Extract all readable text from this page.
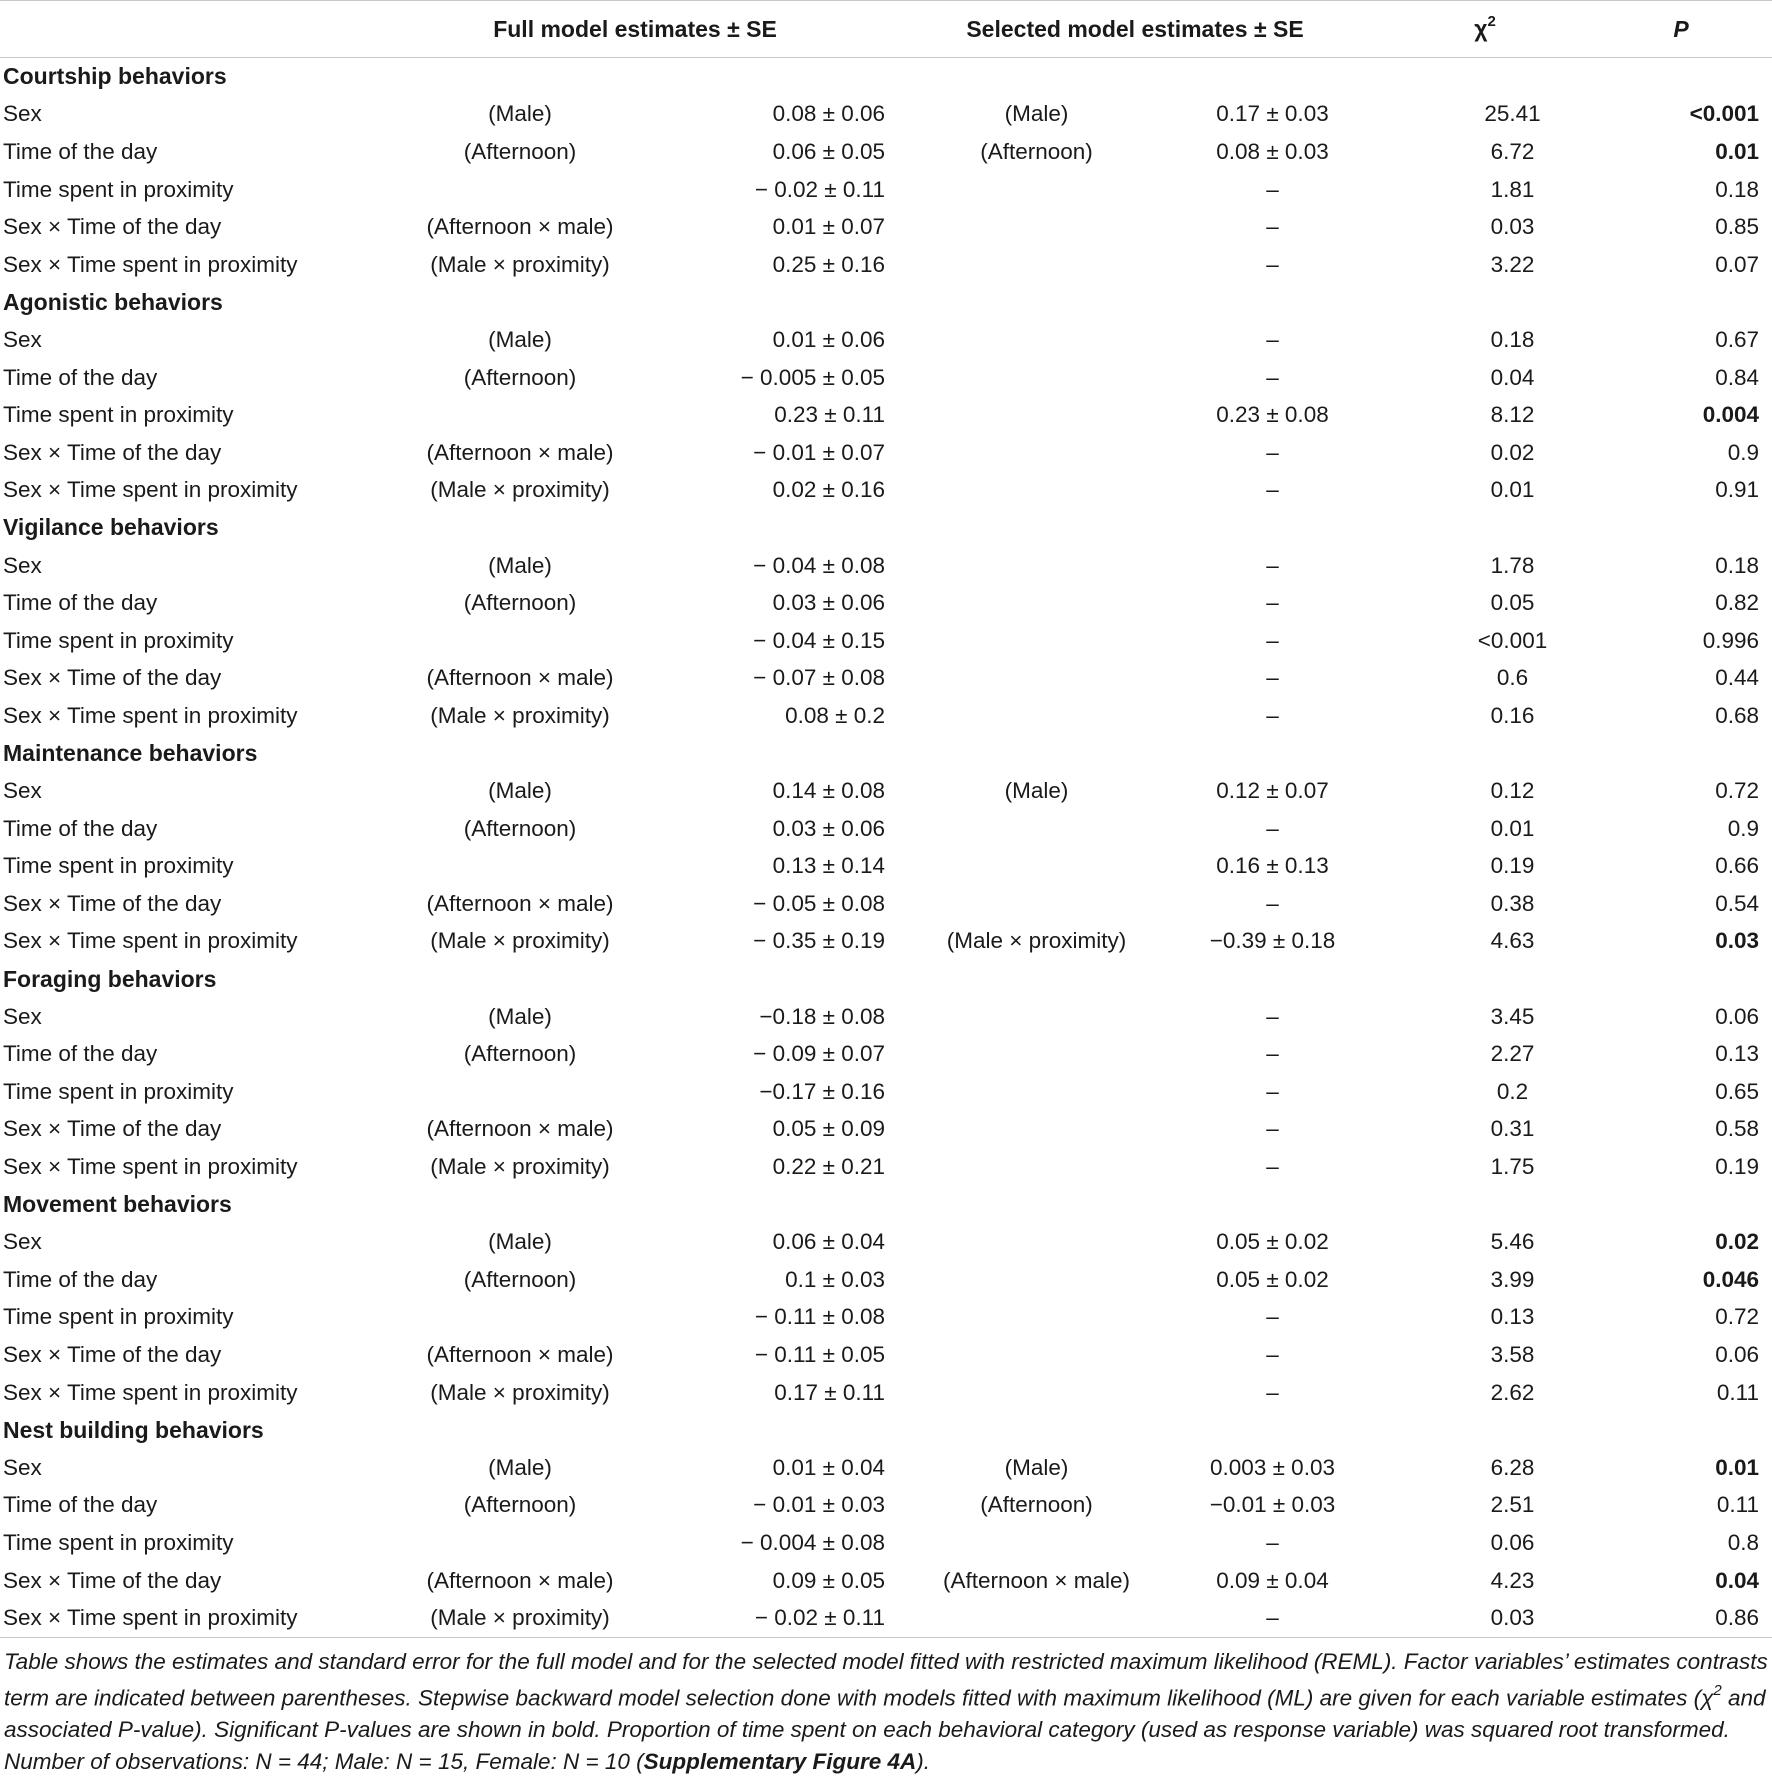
	Full model estimates ± SE		Selected model estimates ± SE		$\chi^2$	P
Courtship behaviors						
Sex	(Male)	0.08 ± 0.06	(Male)	0.17 ± 0.03	25.41	<0.001
Time of the day	(Afternoon)	0.06 ± 0.05	(Afternoon)	0.08 ± 0.03	6.72	0.01
Time spent in proximity		− 0.02 ± 0.11		–	1.81	0.18
Sex × Time of the day	(Afternoon × male)	0.01 ± 0.07		–	0.03	0.85
Sex × Time spent in proximity	(Male × proximity)	0.25 ± 0.16		–	3.22	0.07
Agonistic behaviors						
Sex	(Male)	0.01 ± 0.06		–	0.18	0.67
Time of the day	(Afternoon)	− 0.005 ± 0.05		–	0.04	0.84
Time spent in proximity		0.23 ± 0.11		0.23 ± 0.08	8.12	0.004
Sex × Time of the day	(Afternoon × male)	− 0.01 ± 0.07		–	0.02	0.9
Sex × Time spent in proximity	(Male × proximity)	0.02 ± 0.16		–	0.01	0.91
Vigilance behaviors						
Sex	(Male)	− 0.04 ± 0.08		–	1.78	0.18
Time of the day	(Afternoon)	0.03 ± 0.06		–	0.05	0.82
Time spent in proximity		− 0.04 ± 0.15		–	<0.001	0.996
Sex × Time of the day	(Afternoon × male)	− 0.07 ± 0.08		–	0.6	0.44
Sex × Time spent in proximity	(Male × proximity)	0.08 ± 0.2		–	0.16	0.68
Maintenance behaviors						
Sex	(Male)	0.14 ± 0.08	(Male)	0.12 ± 0.07	0.12	0.72
Time of the day	(Afternoon)	0.03 ± 0.06		–	0.01	0.9
Time spent in proximity		0.13 ± 0.14		0.16 ± 0.13	0.19	0.66
Sex × Time of the day	(Afternoon × male)	− 0.05 ± 0.08		–	0.38	0.54
Sex × Time spent in proximity	(Male × proximity)	− 0.35 ± 0.19	(Male × proximity)	−0.39 ± 0.18	4.63	0.03
Foraging behaviors						
Sex	(Male)	−0.18 ± 0.08		–	3.45	0.06
Time of the day	(Afternoon)	− 0.09 ± 0.07		–	2.27	0.13
Time spent in proximity		−0.17 ± 0.16		–	0.2	0.65
Sex × Time of the day	(Afternoon × male)	0.05 ± 0.09		–	0.31	0.58
Sex × Time spent in proximity	(Male × proximity)	0.22 ± 0.21		–	1.75	0.19
Movement behaviors						
Sex	(Male)	0.06 ± 0.04		0.05 ± 0.02	5.46	0.02
Time of the day	(Afternoon)	0.1 ± 0.03		0.05 ± 0.02	3.99	0.046
Time spent in proximity		− 0.11 ± 0.08		–	0.13	0.72
Sex × Time of the day	(Afternoon × male)	− 0.11 ± 0.05		–	3.58	0.06
Sex × Time spent in proximity	(Male × proximity)	0.17 ± 0.11		–	2.62	0.11
Nest building behaviors						
Sex	(Male)	0.01 ± 0.04	(Male)	0.003 ± 0.03	6.28	0.01
Time of the day	(Afternoon)	− 0.01 ± 0.03	(Afternoon)	−0.01 ± 0.03	2.51	0.11
Time spent in proximity		− 0.004 ± 0.08		–	0.06	0.8
Sex × Time of the day	(Afternoon × male)	0.09 ± 0.05	(Afternoon × male)	0.09 ± 0.04	4.23	0.04
Sex × Time spent in proximity	(Male × proximity)	− 0.02 ± 0.11		–	0.03	0.86
Table shows the estimates and standard error for the full model and for the selected model fitted with restricted maximum likelihood (REML). Factor variables’ estimates contrasts term are indicated between parentheses. Stepwise backward model selection done with models fitted with maximum likelihood (ML) are given for each variable estimates ($\chi^2$ and associated P-value). Significant P-values are shown in bold. Proportion of time spent on each behavioral category (used as response variable) was squared root transformed. Number of observations: N = 44; Male: N = 15, Female: N = 10 (Supplementary Figure 4A).
